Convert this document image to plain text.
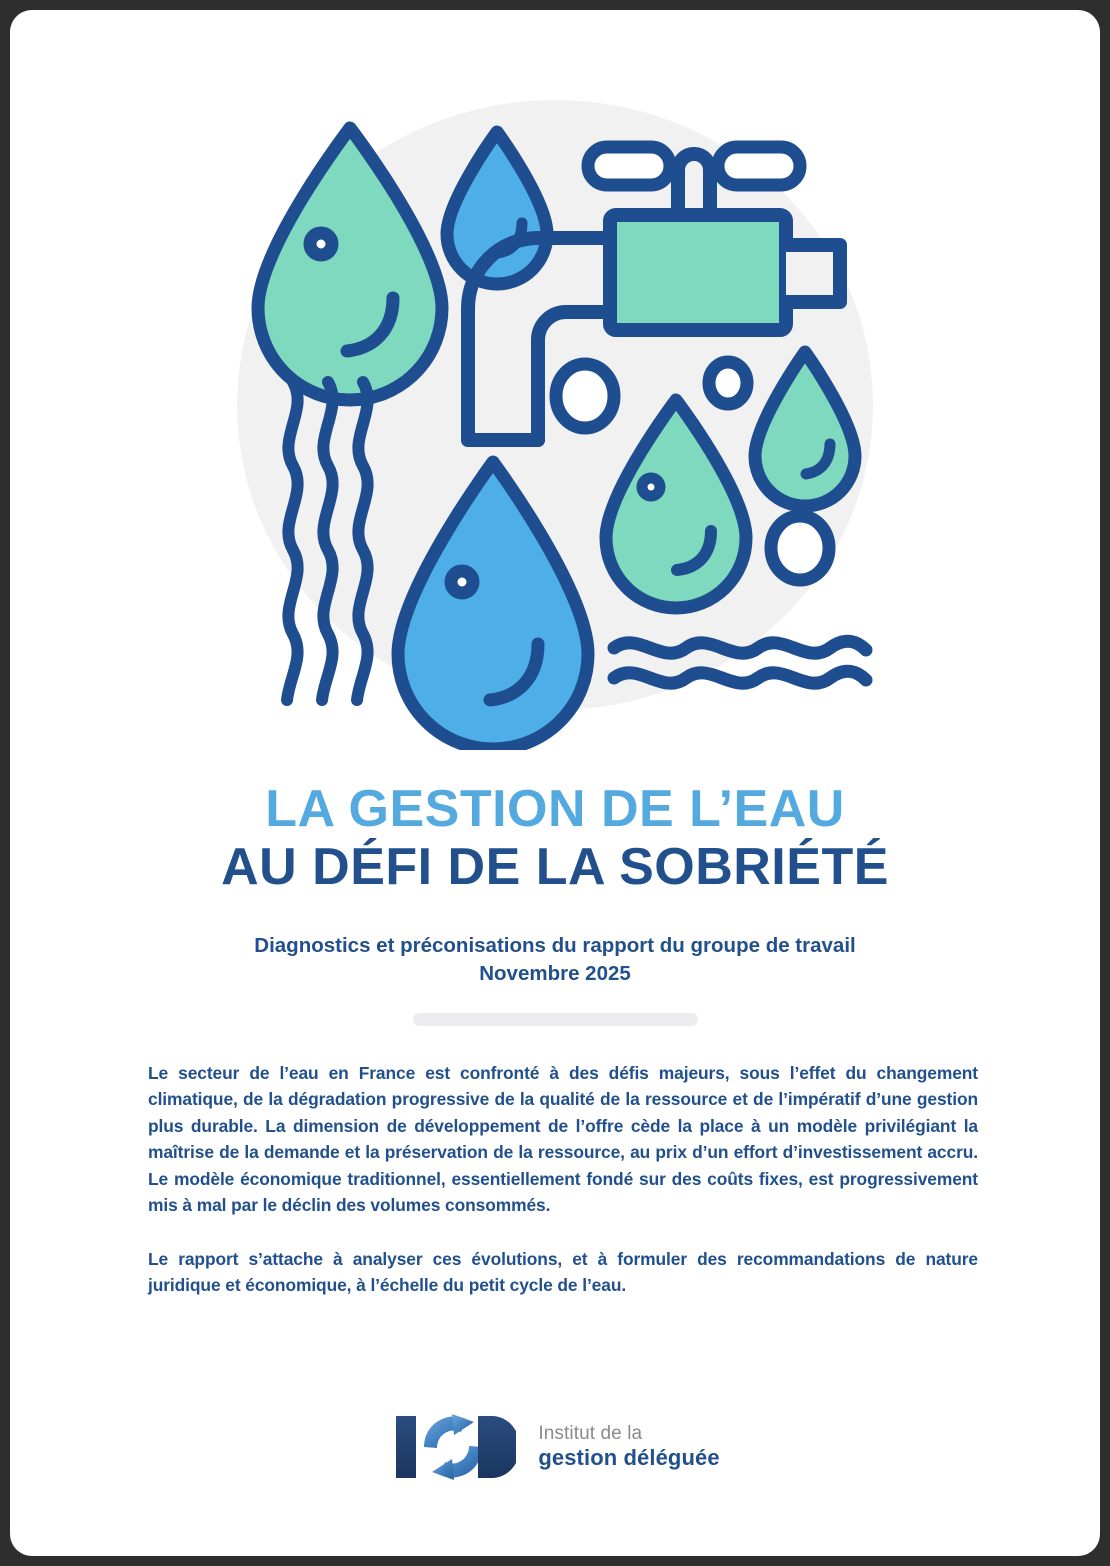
LA GESTION DE L’EAU
AU DÉFI DE LA SOBRIÉTÉ
Diagnostics et préconisations du rapport du groupe de travail
Novembre 2025

Le secteur de l’eau en France est confronté à des défis majeurs, sous l’effet du changement climatique, de la dégradation progressive de la qualité de la ressource et de l’impératif d’une gestion plus durable. La dimension de développement de l’offre cède la place à un modèle privilégiant la maîtrise de la demande et la préservation de la ressource, au prix d’un effort d’investissement accru. Le modèle économique traditionnel, essentiellement fondé sur des coûts fixes, est progressivement mis à mal par le déclin des volumes consommés.

Le rapport s’attache à analyser ces évolutions, et à formuler des recommandations de nature juridique et économique, à l’échelle du petit cycle de l’eau.

Institut de la
gestion déléguée
